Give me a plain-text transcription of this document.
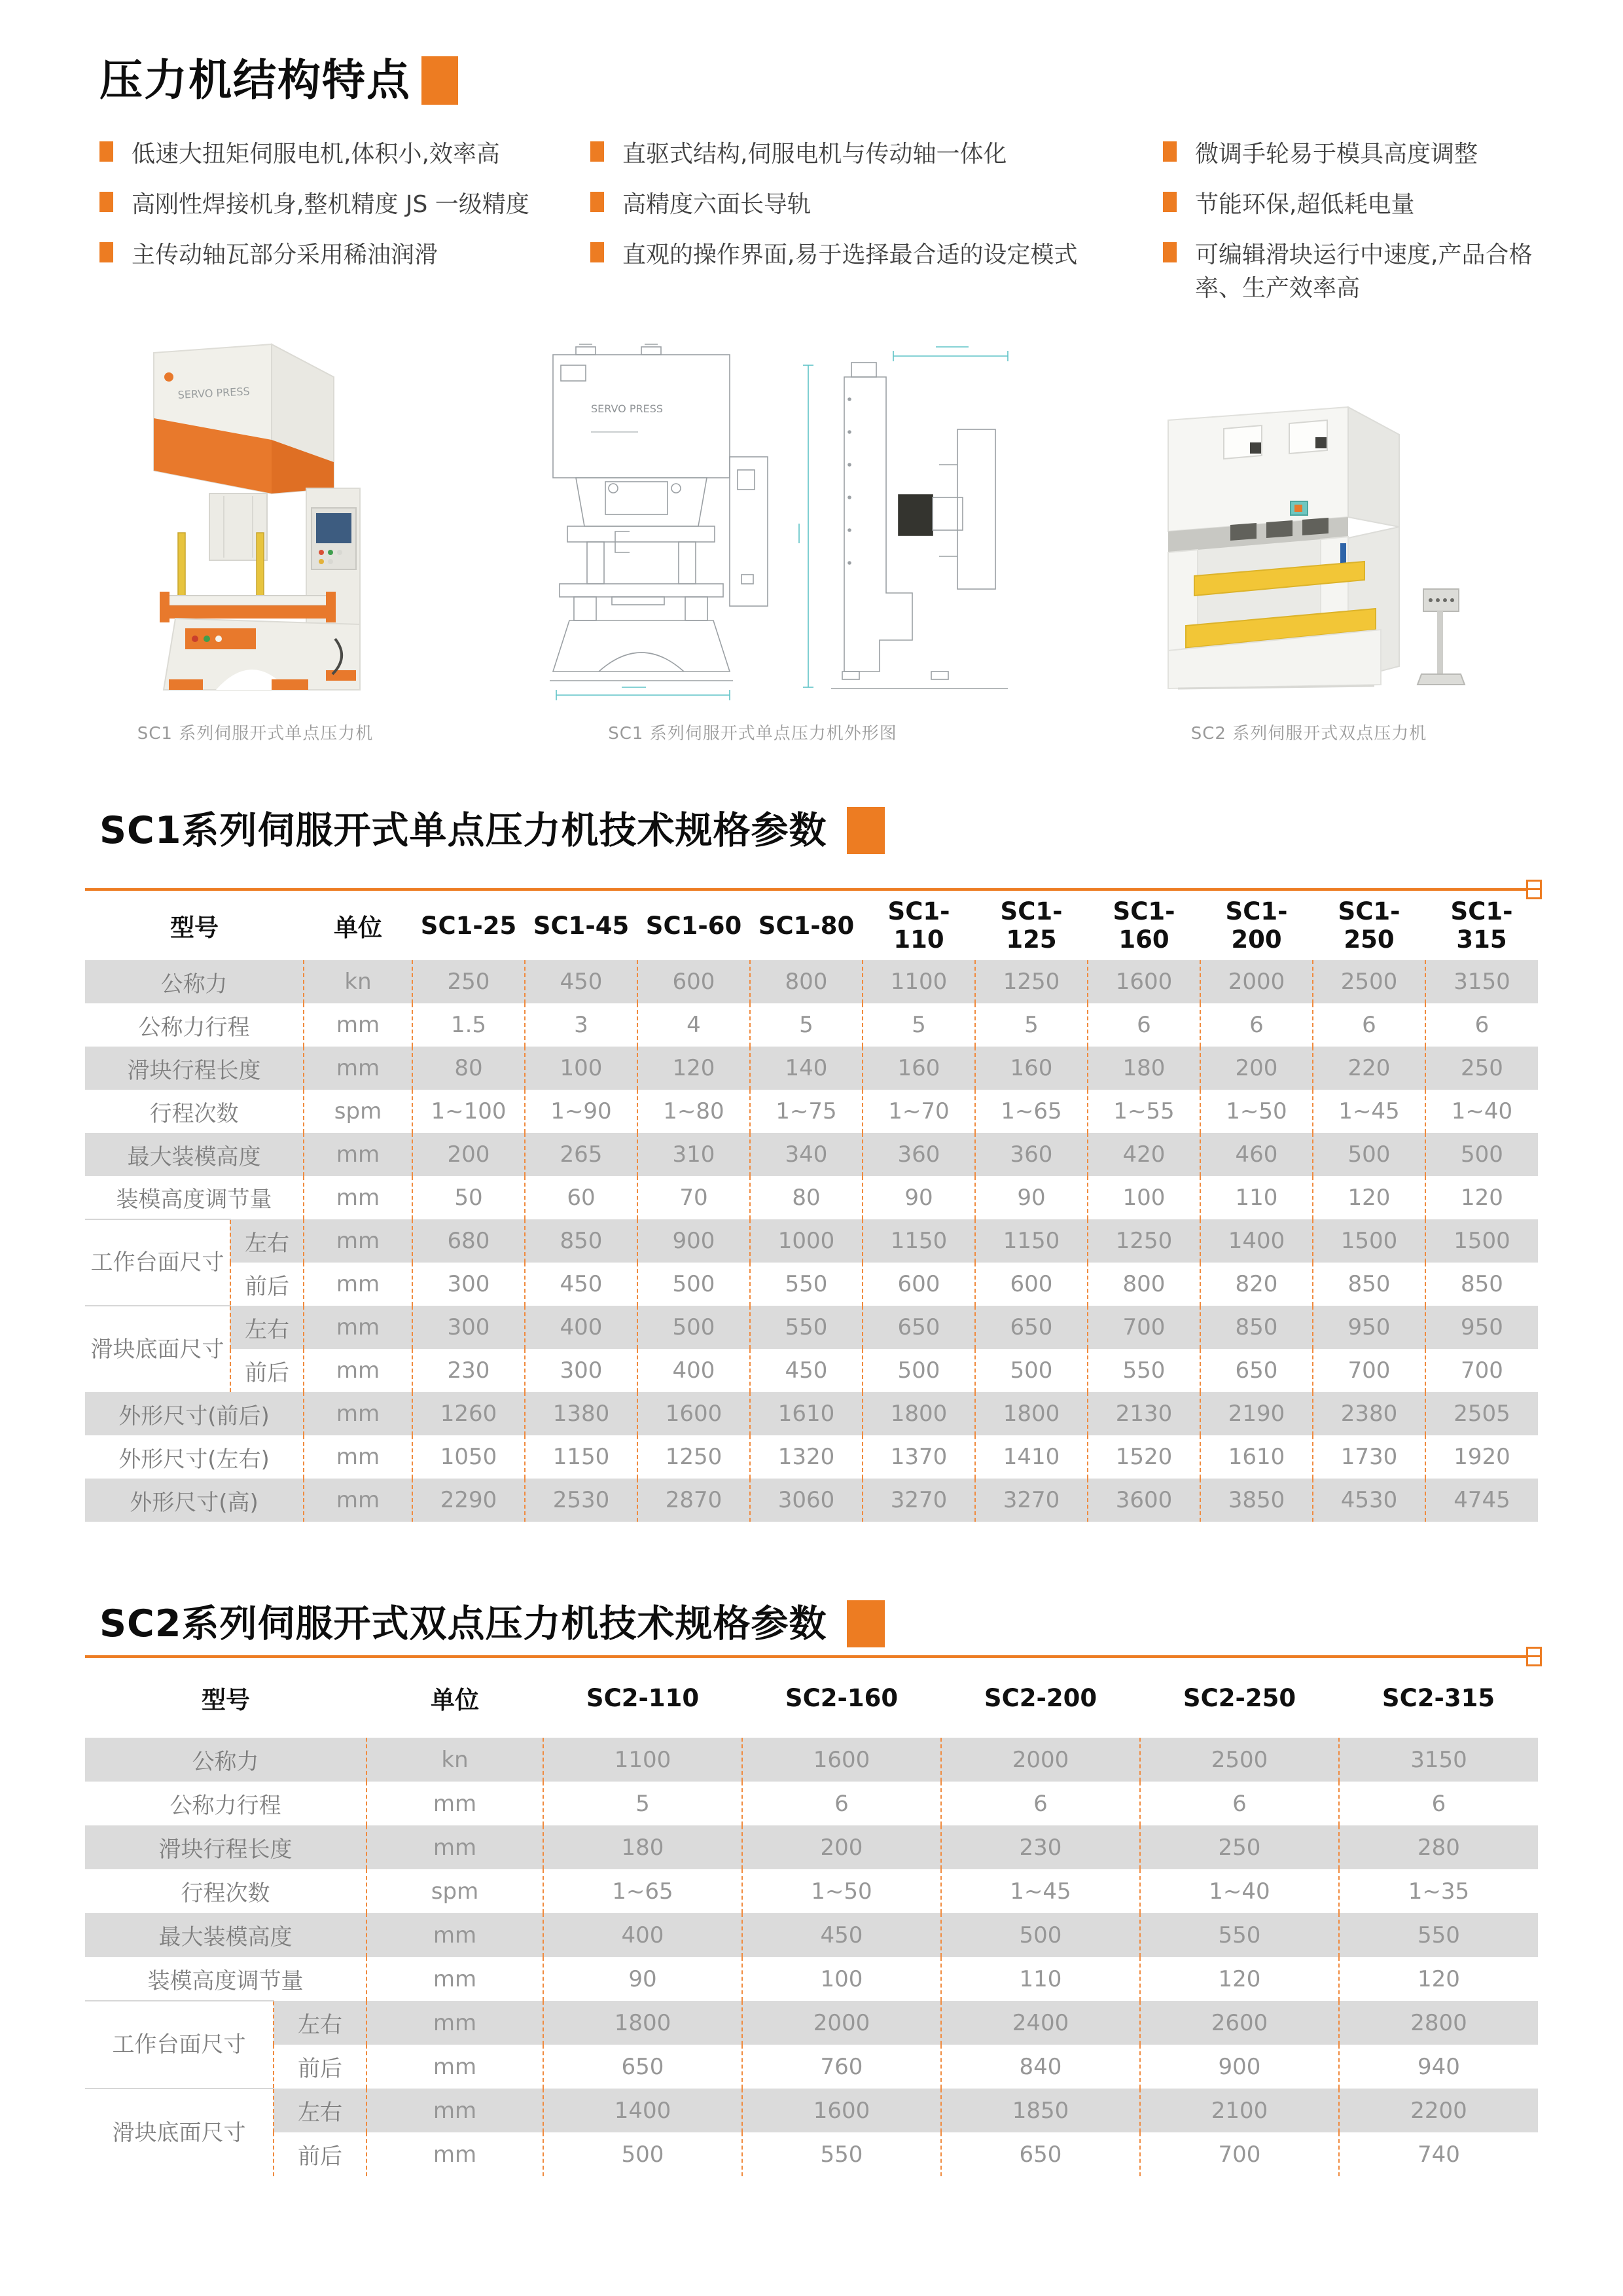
压力机结构特点
低速大扭矩伺服电机,体积小,效率高
高刚性焊接机身,整机精度 JS 一级精度
主传动轴瓦部分采用稀油润滑
直驱式结构,伺服电机与传动轴一体化
高精度六面长导轨
直观的操作界面,易于选择最合适的设定模式
微调手轮易于模具高度调整
节能环保,超低耗电量
可编辑滑块运行中速度,产品合格率、生产效率高
SERVO PRESS
SC1 系列伺服开式单点压力机
SERVO PRESS
SC1 系列伺服开式单点压力机外形图	SC2 系列伺服开式双点压力机
SC1系列伺服开式单点压力机技术规格参数
型号		单位	SC1-25	SC1-45	SC1-60	SC1-80	SC1-110	SC1-125	SC1-160	SC1-200	SC1-250	SC1-315
公称力		kn	250	450	600	800	1100	1250	1600	2000	2500	3150
公称力行程		mm	1.5	3	4	5	5	5	6	6	6	6
滑块行程长度		mm	80	100	120	140	160	160	180	200	220	250
行程次数		spm	1~100	1~90	1~80	1~75	1~70	1~65	1~55	1~50	1~45	1~40
最大装模高度		mm	200	265	310	340	360	360	420	460	500	500
装模高度调节量		mm	50	60	70	80	90	90	100	110	120	120
工作台面尺寸	左右	mm	680	850	900	1000	1150	1150	1250	1400	1500	1500
	前后	mm	300	450	500	550	600	600	800	820	850	850
滑块底面尺寸	左右	mm	300	400	500	550	650	650	700	850	950	950
	前后	mm	230	300	400	450	500	500	550	650	700	700
外形尺寸(前后)		mm	1260	1380	1600	1610	1800	1800	2130	2190	2380	2505
外形尺寸(左右)		mm	1050	1150	1250	1320	1370	1410	1520	1610	1730	1920
外形尺寸(高)		mm	2290	2530	2870	3060	3270	3270	3600	3850	4530	4745
SC2系列伺服开式双点压力机技术规格参数
型号		单位	SC2-110	SC2-160	SC2-200	SC2-250	SC2-315
公称力		kn	1100	1600	2000	2500	3150
公称力行程		mm	5	6	6	6	6
滑块行程长度		mm	180	200	230	250	280
行程次数		spm	1~65	1~50	1~45	1~40	1~35
最大装模高度		mm	400	450	500	550	550
装模高度调节量		mm	90	100	110	120	120
工作台面尺寸	左右	mm	1800	2000	2400	2600	2800
	前后	mm	650	760	840	900	940
滑块底面尺寸	左右	mm	1400	1600	1850	2100	2200
	前后	mm	500	550	650	700	740
